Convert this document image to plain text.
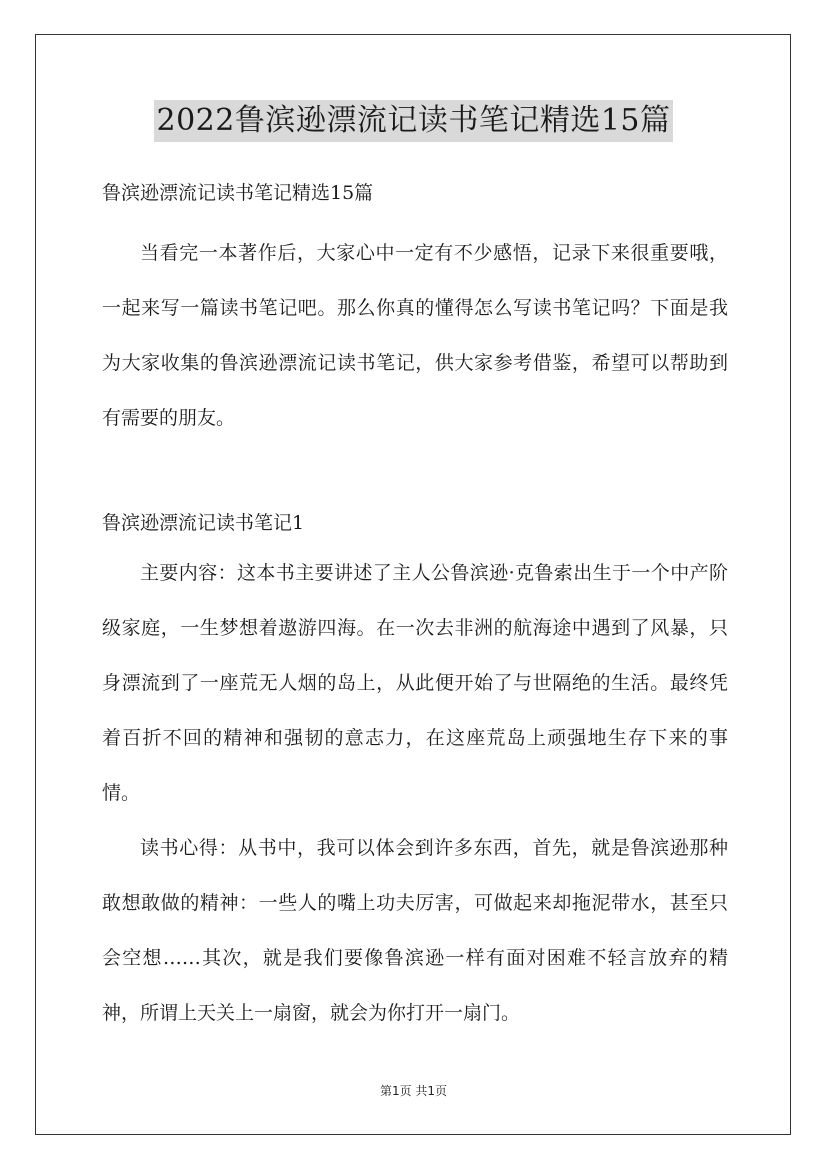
2022鲁滨逊漂流记读书笔记精选15篇

鲁滨逊漂流记读书笔记精选15篇

当看完一本著作后，大家心中一定有不少感悟，记录下来很重要哦，一起来写一篇读书笔记吧。那么你真的懂得怎么写读书笔记吗？下面是我为大家收集的鲁滨逊漂流记读书笔记，供大家参考借鉴，希望可以帮助到有需要的朋友。

鲁滨逊漂流记读书笔记1

主要内容：这本书主要讲述了主人公鲁滨逊·克鲁索出生于一个中产阶级家庭，一生梦想着遨游四海。在一次去非洲的航海途中遇到了风暴，只身漂流到了一座荒无人烟的岛上，从此便开始了与世隔绝的生活。最终凭着百折不回的精神和强韧的意志力，在这座荒岛上顽强地生存下来的事情。

读书心得：从书中，我可以体会到许多东西，首先，就是鲁滨逊那种敢想敢做的精神：一些人的嘴上功夫厉害，可做起来却拖泥带水，甚至只会空想……其次，就是我们要像鲁滨逊一样有面对困难不轻言放弃的精神，所谓上天关上一扇窗，就会为你打开一扇门。

第1页 共1页
